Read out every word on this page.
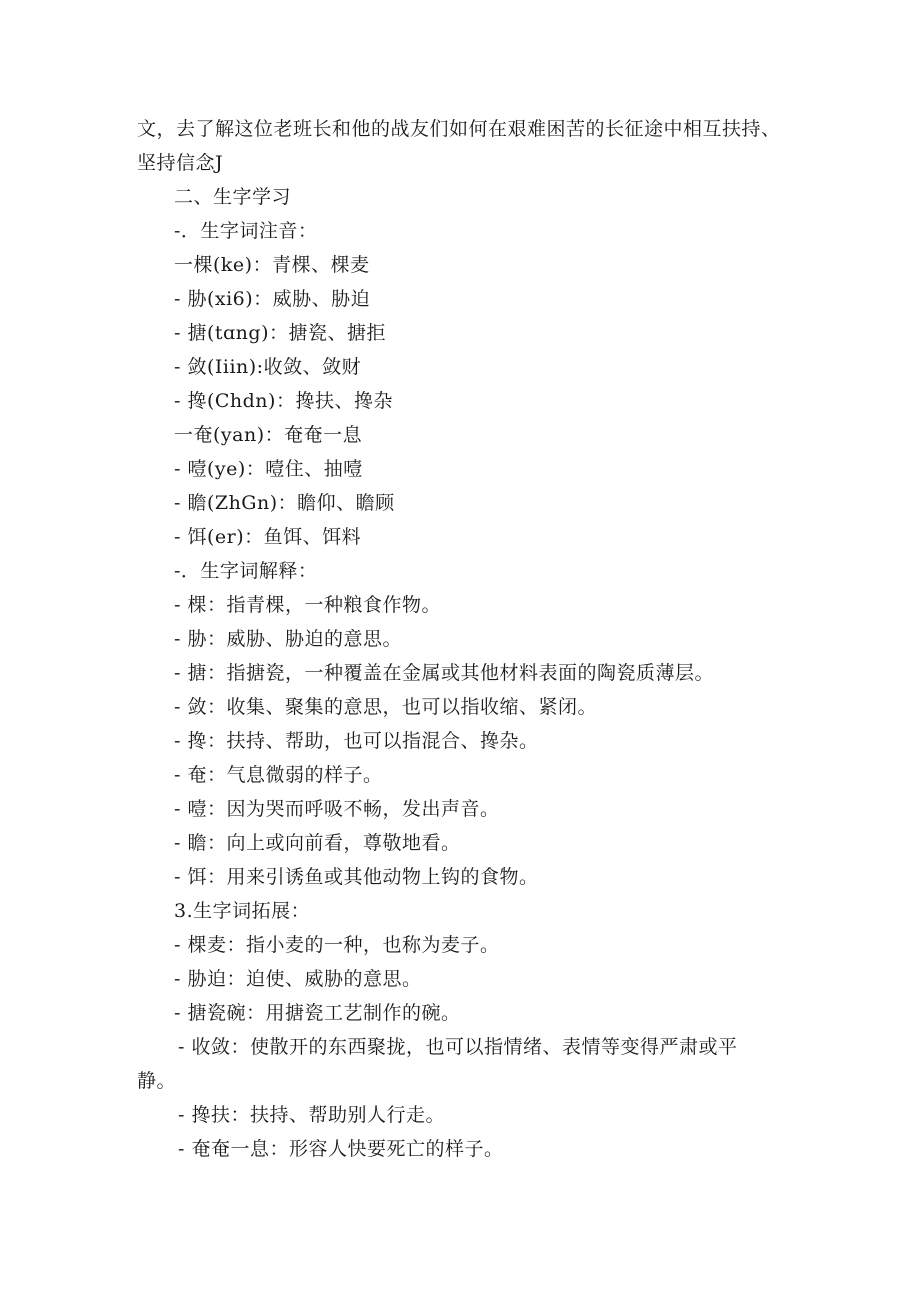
文，去了解这位老班长和他的战友们如何在艰难困苦的长征途中相互扶持、
坚持信念J
二、生字学习
-．生字词注音：
一棵(ke)：青棵、棵麦
- 胁(xi6)：威胁、胁迫
- 搪(tɑng)：搪瓷、搪拒
- 敛(Iiin):收敛、敛财
- 搀(Chdn)：搀扶、搀杂
一奄(yan)：奄奄一息
- 噎(ye)：噎住、抽噎
- 瞻(ZhGn)：瞻仰、瞻顾
- 饵(er)：鱼饵、饵料
-．生字词解释：
- 棵：指青棵，一种粮食作物。
- 胁：威胁、胁迫的意思。
- 搪：指搪瓷，一种覆盖在金属或其他材料表面的陶瓷质薄层。
- 敛：收集、聚集的意思，也可以指收缩、紧闭。
- 搀：扶持、帮助，也可以指混合、搀杂。
- 奄：气息微弱的样子。
- 噎：因为哭而呼吸不畅，发出声音。
- 瞻：向上或向前看，尊敬地看。
- 饵：用来引诱鱼或其他动物上钩的食物。
3.生字词拓展：
- 棵麦：指小麦的一种，也称为麦子。
- 胁迫：迫使、威胁的意思。
- 搪瓷碗：用搪瓷工艺制作的碗。
- 收敛：使散开的东西聚拢，也可以指情绪、表情等变得严肃或平
静。
- 搀扶：扶持、帮助别人行走。
- 奄奄一息：形容人快要死亡的样子。
